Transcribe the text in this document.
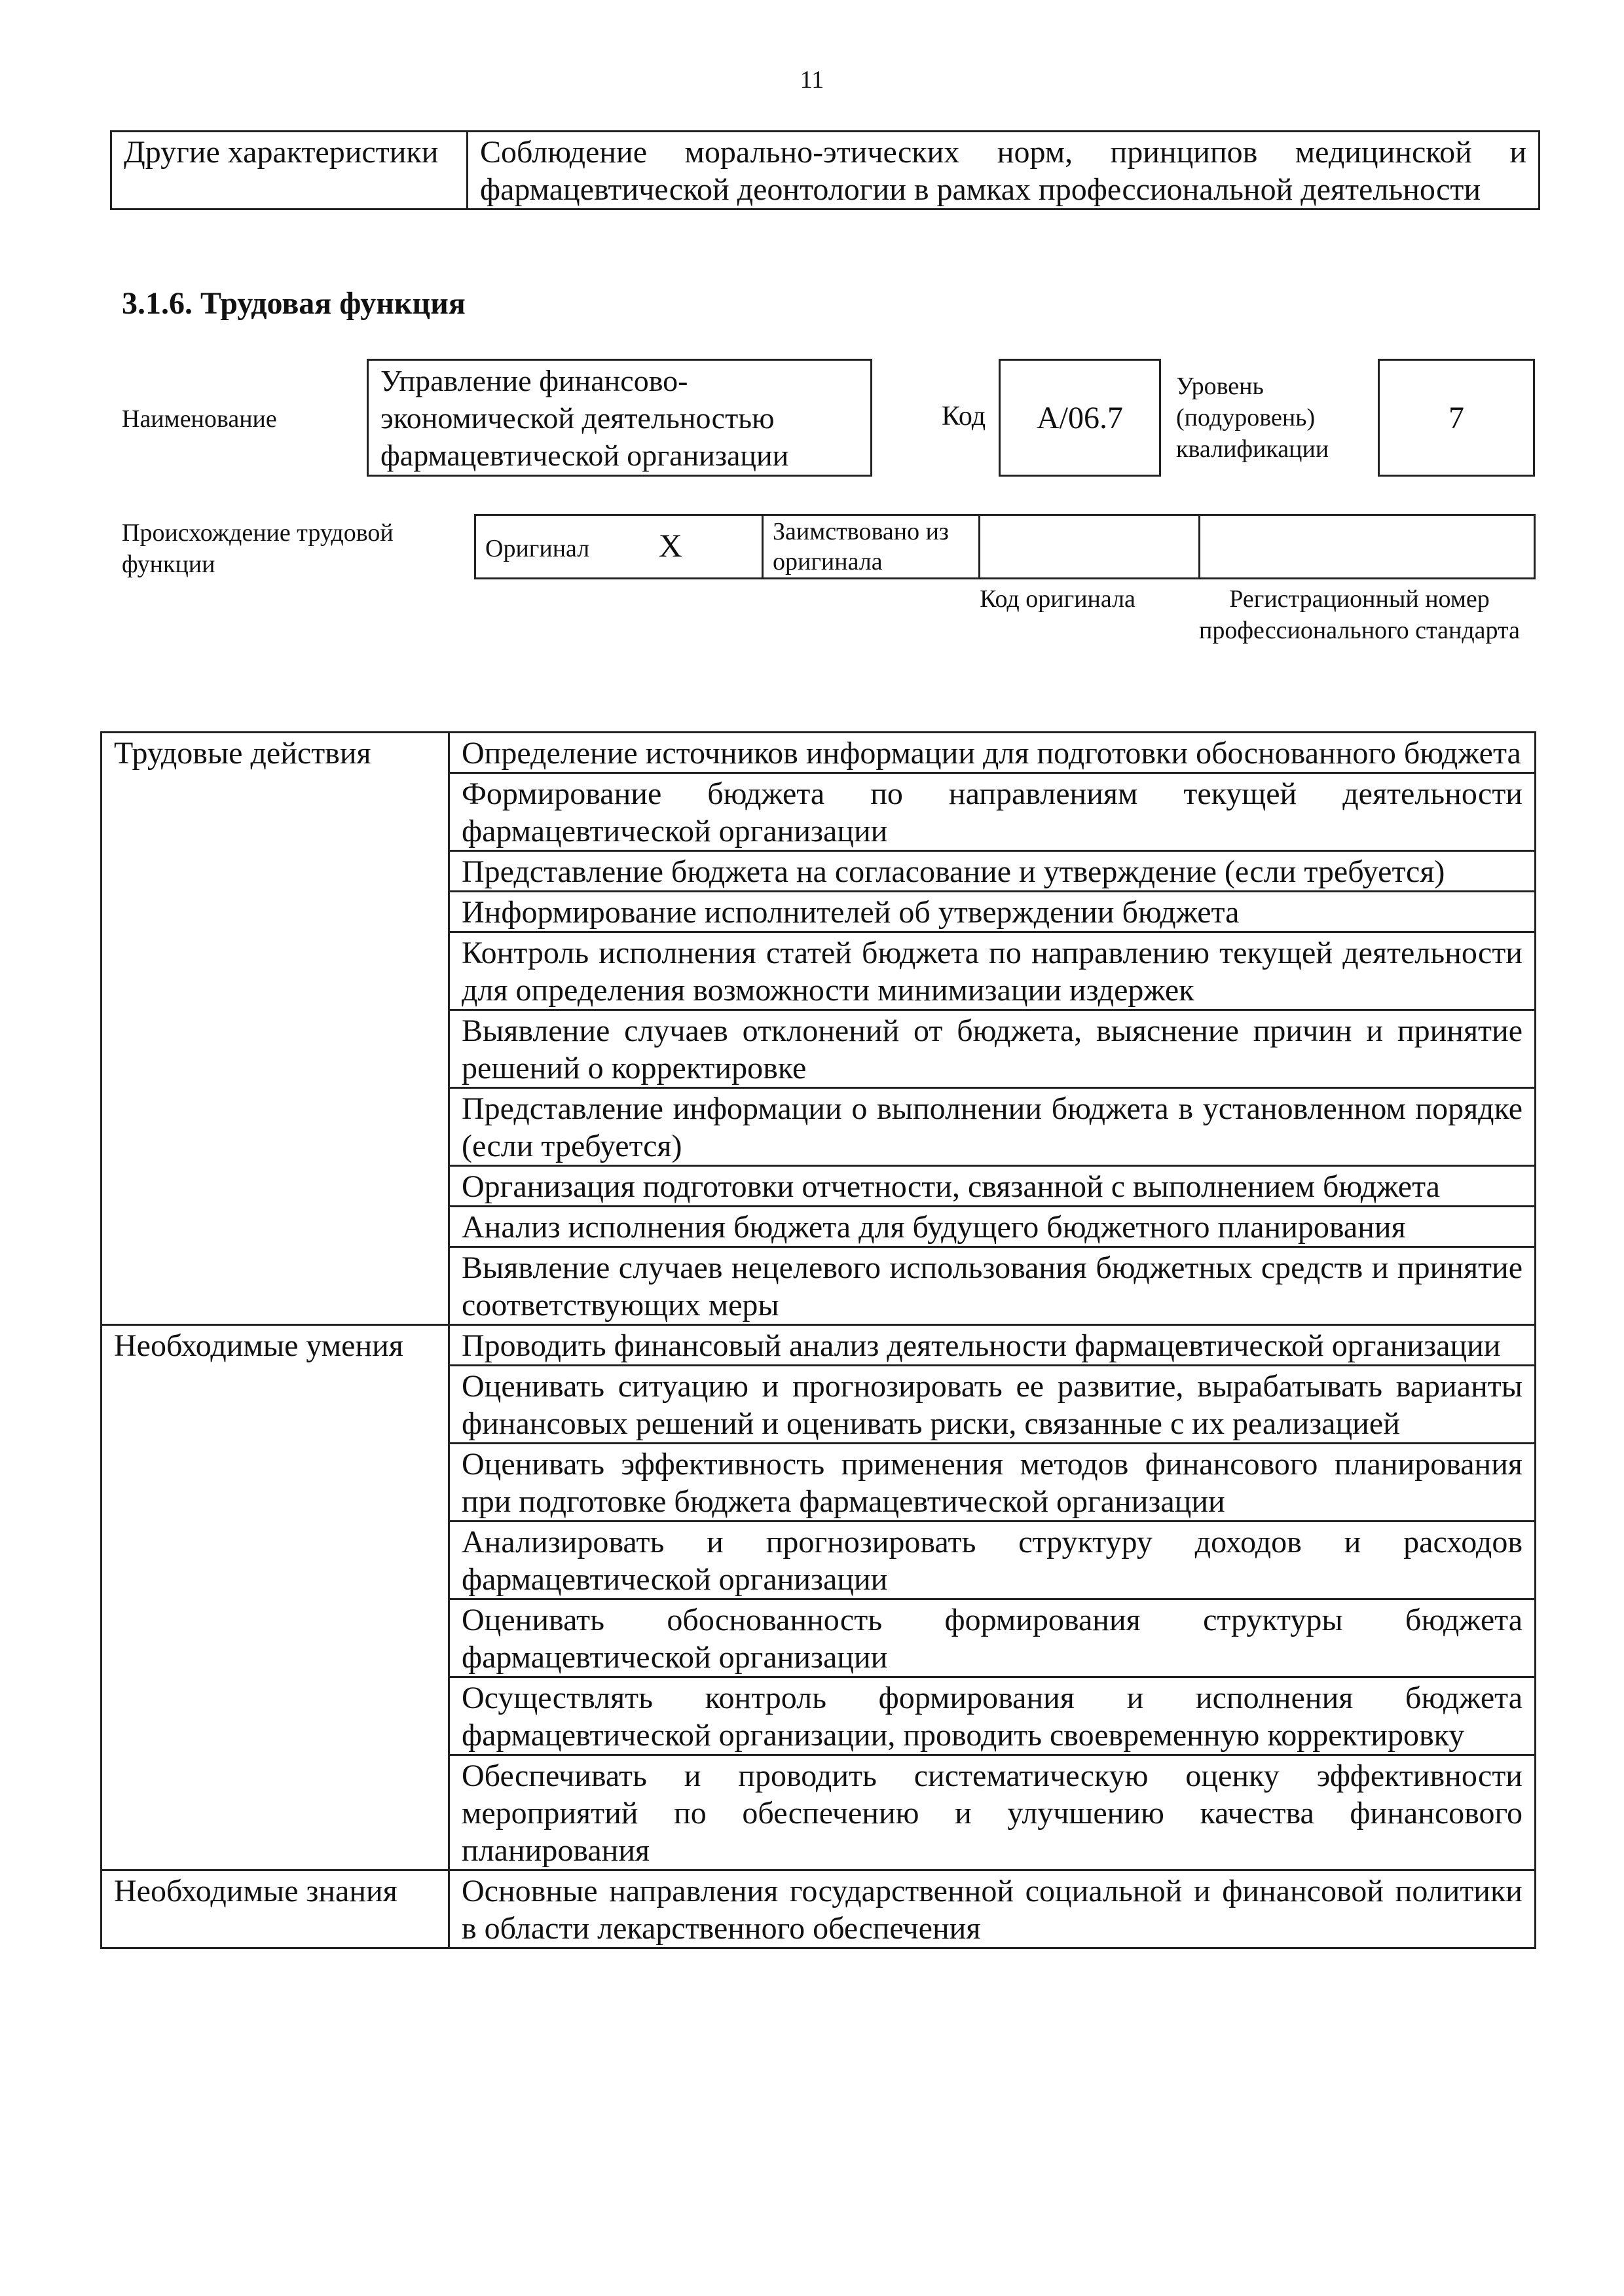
11
Другие характеристики	Соблюдение морально-этических норм, принципов медицинской и фармацевтической деонтологии в рамках профессиональной деятельности
3.1.6. Трудовая функция
Наименование
Управление финансово-экономической деятельностью фармацевтической организации
Код	A/06.7
Уровень (подуровень) квалификации
7
Происхождение трудовой функции
Оригинал X	Заимствовано из оригинала		
Код оригинала	Регистрационный номер профессионального стандарта
Трудовые действия	Определение источников информации для подготовки обоснованного бюджета
	Формирование бюджета по направлениям текущей деятельности фармацевтической организации
	Представление бюджета на согласование и утверждение (если требуется)
	Информирование исполнителей об утверждении бюджета
	Контроль исполнения статей бюджета по направлению текущей деятельности для определения возможности минимизации издержек
	Выявление случаев отклонений от бюджета, выяснение причин и принятие решений о корректировке
	Представление информации о выполнении бюджета в установленном порядке (если требуется)
	Организация подготовки отчетности, связанной с выполнением бюджета
	Анализ исполнения бюджета для будущего бюджетного планирования
	Выявление случаев нецелевого использования бюджетных средств и принятие соответствующих меры
Необходимые умения	Проводить финансовый анализ деятельности фармацевтической организации
	Оценивать ситуацию и прогнозировать ее развитие, вырабатывать варианты финансовых решений и оценивать риски, связанные с их реализацией
	Оценивать эффективность применения методов финансового планирования при подготовке бюджета фармацевтической организации
	Анализировать и прогнозировать структуру доходов и расходов фармацевтической организации
	Оценивать обоснованность формирования структуры бюджета фармацевтической организации
	Осуществлять контроль формирования и исполнения бюджета фармацевтической организации, проводить своевременную корректировку
	Обеспечивать и проводить систематическую оценку эффективности мероприятий по обеспечению и улучшению качества финансового планирования
Необходимые знания	Основные направления государственной социальной и финансовой политики в области лекарственного обеспечения
